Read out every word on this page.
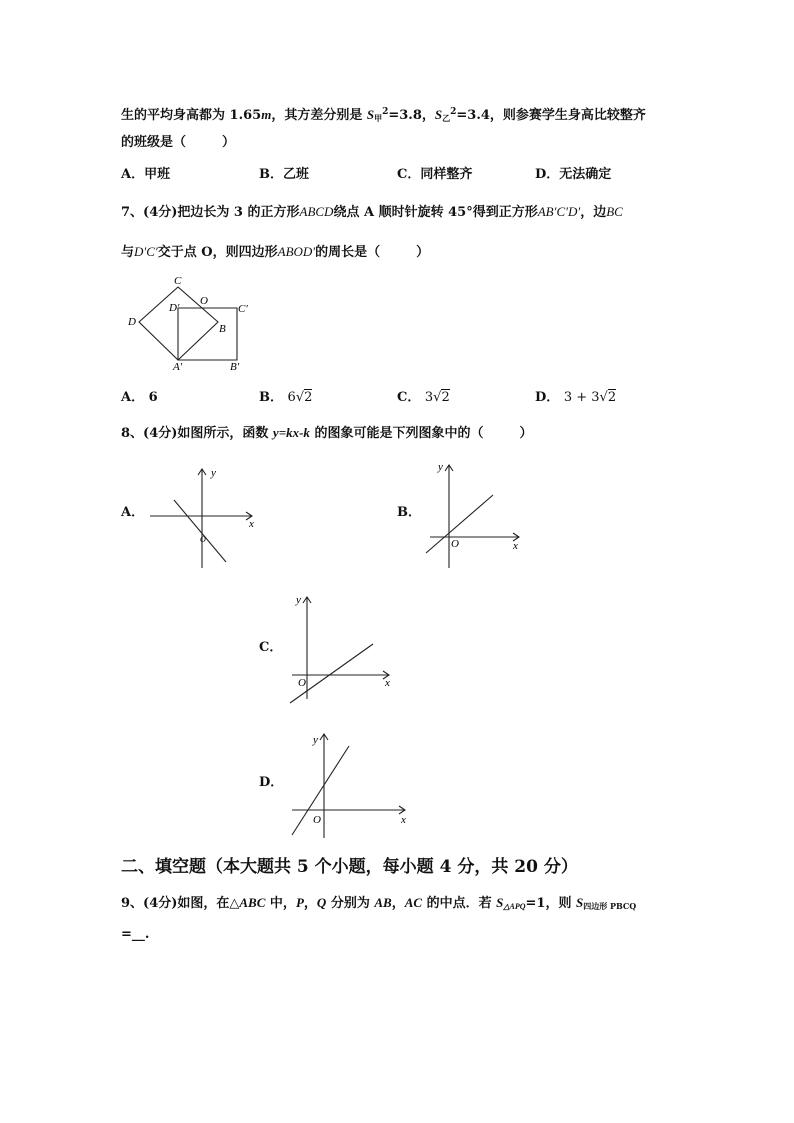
生的平均身高都为 1.65m，其方差分别是 $S_甲^2=3.8$，$S_乙^2=3.4$，则参赛学生身高比较整齐
的班级是（	）
A．甲班	B．乙班	C．同样整齐	D．无法确定
7、(4分)把边长为 3 的正方形ABCD绕点 A 顺时针旋转 45°得到正方形AB′C′D′，边BC
与D′C′交于点 O，则四边形ABOD′的周长是（	）
C
D
D′
O
C′
B
A′	B′
A． 6	B． 6√2	C． 3√2	D． 3 + 3√2
8、(4分)如图所示，函数 y=kx-k 的图象可能是下列图象中的（	）
A．
y
x
O
B．
y
x
O
C．
y
x
O
D．
y
x
O
二、填空题（本大题共 5 个小题，每小题 4 分，共 20 分）
9、(4分)如图，在△ABC 中，P，Q 分别为 AB，AC 的中点．若 $S_{\triangle APQ}=1$，则 $S_{四边形 PBCQ}$
=__.
